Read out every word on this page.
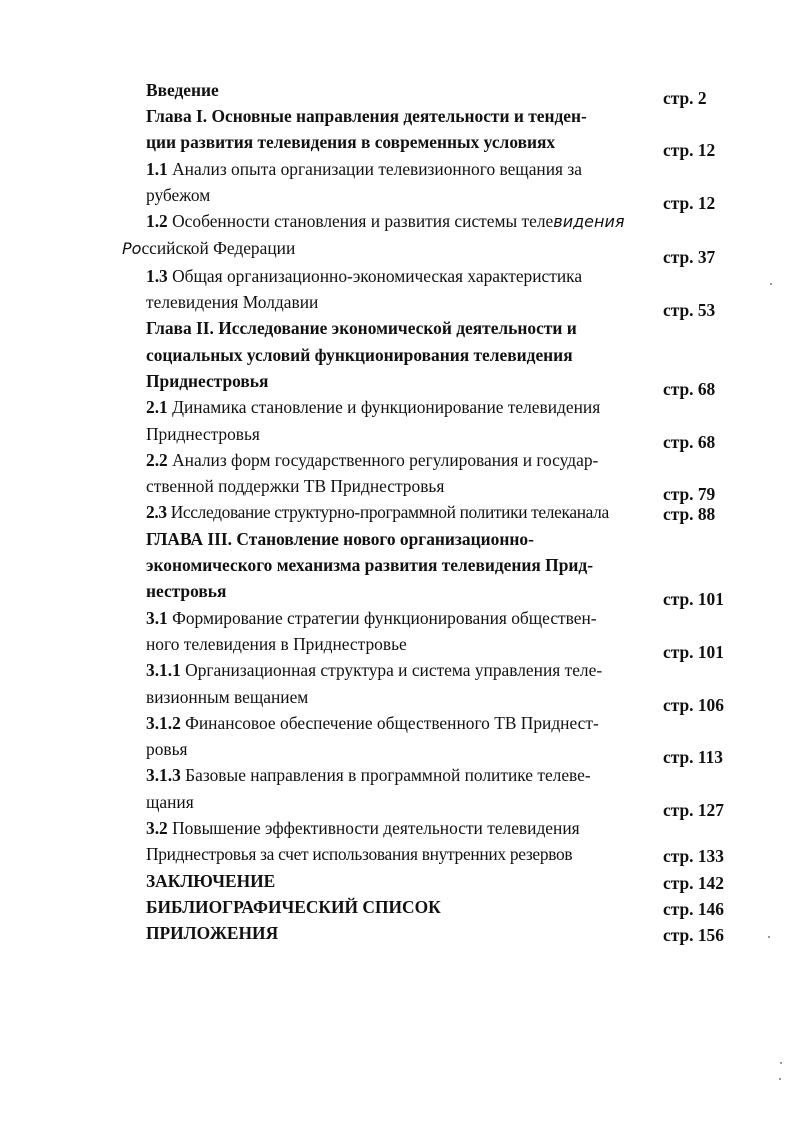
Введение	стр. 2
Глава I. Основные направления деятельности и тенден-
ции развития телевидения в современных условиях	стр. 12
1.1 Анализ опыта организации телевизионного вещания за
рубежом	стр. 12
1.2 Особенности становления и развития системы телевидения
Российской Федерации	стр. 37
1.3 Общая организационно-экономическая характеристика
телевидения Молдавии	стр. 53
Глава II. Исследование экономической деятельности и
социальных условий функционирования телевидения
Приднестровья	стр. 68
2.1 Динамика становление и функционирование телевидения
Приднестровья	стр. 68
2.2 Анализ форм государственного регулирования и государ-
ственной поддержки ТВ Приднестровья	стр. 79
2.3 Исследование структурно-программной политики телеканала	стр. 88
ГЛАВА III. Становление нового организационно-
экономического механизма развития телевидения Прид-
нестровья	стр. 101
3.1 Формирование стратегии функционирования обществен-
ного телевидения в Приднестровье	стр. 101
3.1.1 Организационная структура и система управления теле-
визионным вещанием	стр. 106
3.1.2 Финансовое обеспечение общественного ТВ Приднест-
ровья	стр. 113
3.1.3 Базовые направления в программной политике телеве-
щания	стр. 127
3.2 Повышение эффективности деятельности телевидения
Приднестровья за счет использования внутренних резервов	стр. 133
ЗАКЛЮЧЕНИЕ	стр. 142
БИБЛИОГРАФИЧЕСКИЙ СПИСОК	стр. 146
ПРИЛОЖЕНИЯ	стр. 156
